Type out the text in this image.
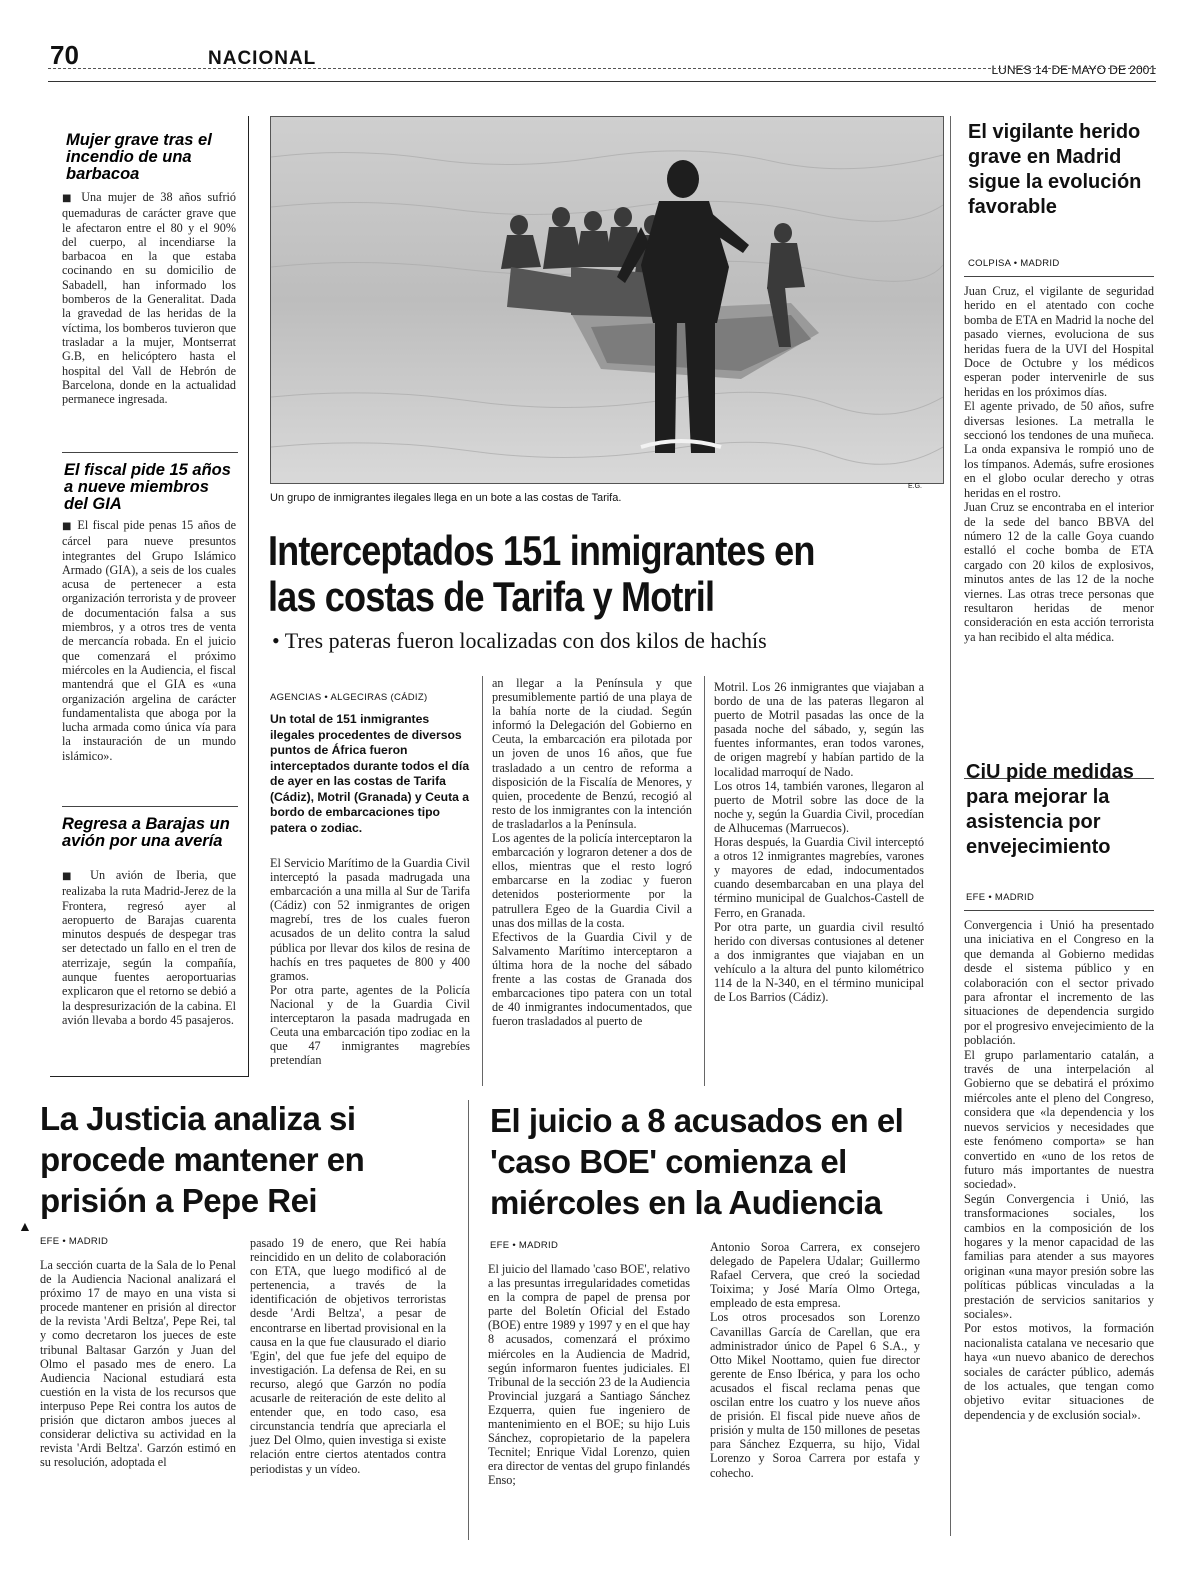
70	NACIONAL
LUNES 14 DE MAYO DE 2001
Mujer grave tras el incendio de una barbacoa
■ Una mujer de 38 años sufrió quemaduras de carácter grave que le afectaron entre el 80 y el 90% del cuerpo, al incendiarse la barbacoa en la que estaba cocinando en su domicilio de Sabadell, han informado los bomberos de la Generalitat. Dada la gravedad de las heridas de la víctima, los bomberos tuvieron que trasladar a la mujer, Montserrat G.B, en helicóptero hasta el hospital del Vall de Hebrón de Barcelona, donde en la actualidad permanece ingresada.
El fiscal pide 15 años a nueve miembros del GIA
■ El fiscal pide penas 15 años de cárcel para nueve presuntos integrantes del Grupo Islámico Armado (GIA), a seis de los cuales acusa de pertenecer a esta organización terrorista y de proveer de documentación falsa a sus miembros, y a otros tres de venta de mercancía robada. En el juicio que comenzará el próximo miércoles en la Audiencia, el fiscal mantendrá que el GIA es «una organización argelina de carácter fundamentalista que aboga por la lucha armada como única vía para la instauración de un mundo islámico».
Regresa a Barajas un avión por una avería
■ Un avión de Iberia, que realizaba la ruta Madrid-Jerez de la Frontera, regresó ayer al aeropuerto de Barajas cuarenta minutos después de despegar tras ser detectado un fallo en el tren de aterrizaje, según la compañía, aunque fuentes aeroportuarias explicaron que el retorno se debió a la despresurización de la cabina. El avión llevaba a bordo 45 pasajeros.
Un grupo de inmigrantes ilegales llega en un bote a las costas de Tarifa.
E.G.
Interceptados 151 inmigrantes en las costas de Tarifa y Motril
• Tres pateras fueron localizadas con dos kilos de hachís
AGENCIAS • ALGECIRAS (CÁDIZ)
Un total de 151 inmigrantes ilegales procedentes de diversos puntos de África fueron interceptados durante todos el día de ayer en las costas de Tarifa (Cádiz), Motril (Granada) y Ceuta a bordo de embarcaciones tipo patera o zodiac.
El Servicio Marítimo de la Guardia Civil interceptó la pasada madrugada una embarcación a una milla al Sur de Tarifa (Cádiz) con 52 inmigrantes de origen magrebí, tres de los cuales fueron acusados de un delito contra la salud pública por llevar dos kilos de resina de hachís en tres paquetes de 800 y 400 gramos.
Por otra parte, agentes de la Policía Nacional y de la Guardia Civil interceptaron la pasada madrugada en Ceuta una embarcación tipo zodiac en la que 47 inmigrantes magrebíes pretendían
an llegar a la Península y que presumiblemente partió de una playa de la bahía norte de la ciudad. Según informó la Delegación del Gobierno en Ceuta, la embarcación era pilotada por un joven de unos 16 años, que fue trasladado a un centro de reforma a disposición de la Fiscalía de Menores, y quien, procedente de Benzú, recogió al resto de los inmigrantes con la intención de trasladarlos a la Península.
Los agentes de la policía interceptaron la embarcación y lograron detener a dos de ellos, mientras que el resto logró embarcarse en la zodiac y fueron detenidos posteriormente por la patrullera Egeo de la Guardia Civil a unas dos millas de la costa.
Efectivos de la Guardia Civil y de Salvamento Marítimo interceptaron a última hora de la noche del sábado frente a las costas de Granada dos embarcaciones tipo patera con un total de 40 inmigrantes indocumentados, que fueron trasladados al puerto de
Motril. Los 26 inmigrantes que viajaban a bordo de una de las pateras llegaron al puerto de Motril pasadas las once de la pasada noche del sábado, y, según las fuentes informantes, eran todos varones, de origen magrebí y habían partido de la localidad marroquí de Nado.
Los otros 14, también varones, llegaron al puerto de Motril sobre las doce de la noche y, según la Guardia Civil, procedían de Alhucemas (Marruecos).
Horas después, la Guardia Civil interceptó a otros 12 inmigrantes magrebíes, varones y mayores de edad, indocumentados cuando desembarcaban en una playa del término municipal de Gualchos-Castell de Ferro, en Granada.
Por otra parte, un guardia civil resultó herido con diversas contusiones al detener a dos inmigrantes que viajaban en un vehículo a la altura del punto kilométrico 114 de la N-340, en el término municipal de Los Barrios (Cádiz).
La Justicia analiza si procede mantener en prisión a Pepe Rei
▲
EFE • MADRID
La sección cuarta de la Sala de lo Penal de la Audiencia Nacional analizará el próximo 17 de mayo en una vista si procede mantener en prisión al director de la revista 'Ardi Beltza', Pepe Rei, tal y como decretaron los jueces de este tribunal Baltasar Garzón y Juan del Olmo el pasado mes de enero. La Audiencia Nacional estudiará esta cuestión en la vista de los recursos que interpuso Pepe Rei contra los autos de prisión que dictaron ambos jueces al considerar delictiva su actividad en la revista 'Ardi Beltza'. Garzón estimó en su resolución, adoptada el
pasado 19 de enero, que Rei había reincidido en un delito de colaboración con ETA, que luego modificó al de pertenencia, a través de la identificación de objetivos terroristas desde 'Ardi Beltza', a pesar de encontrarse en libertad provisional en la causa en la que fue clausurado el diario 'Egin', del que fue jefe del equipo de investigación. La defensa de Rei, en su recurso, alegó que Garzón no podía acusarle de reiteración de este delito al entender que, en todo caso, esa circunstancia tendría que apreciarla el juez Del Olmo, quien investiga si existe relación entre ciertos atentados contra periodistas y un vídeo.
El juicio a 8 acusados en el 'caso BOE' comienza el miércoles en la Audiencia
EFE • MADRID
El juicio del llamado 'caso BOE', relativo a las presuntas irregularidades cometidas en la compra de papel de prensa por parte del Boletín Oficial del Estado (BOE) entre 1989 y 1997 y en el que hay 8 acusados, comenzará el próximo miércoles en la Audiencia de Madrid, según informaron fuentes judiciales. El Tribunal de la sección 23 de la Audiencia Provincial juzgará a Santiago Sánchez Ezquerra, quien fue ingeniero de mantenimiento en el BOE; su hijo Luis Sánchez, copropietario de la papelera Tecnitel; Enrique Vidal Lorenzo, quien era director de ventas del grupo finlandés Enso;
Antonio Soroa Carrera, ex consejero delegado de Papelera Udalar; Guillermo Rafael Cervera, que creó la sociedad Toixima; y José María Olmo Ortega, empleado de esta empresa.
Los otros procesados son Lorenzo Cavanillas García de Carellan, que era administrador único de Papel 6 S.A., y Otto Mikel Noottamo, quien fue director gerente de Enso Ibérica, y para los ocho acusados el fiscal reclama penas que oscilan entre los cuatro y los nueve años de prisión. El fiscal pide nueve años de prisión y multa de 150 millones de pesetas para Sánchez Ezquerra, su hijo, Vidal Lorenzo y Soroa Carrera por estafa y cohecho.
El vigilante herido grave en Madrid sigue la evolución favorable
COLPISA • MADRID
Juan Cruz, el vigilante de seguridad herido en el atentado con coche bomba de ETA en Madrid la noche del pasado viernes, evoluciona de sus heridas fuera de la UVI del Hospital Doce de Octubre y los médicos esperan poder intervenirle de sus heridas en los próximos días.
El agente privado, de 50 años, sufre diversas lesiones. La metralla le seccionó los tendones de una muñeca. La onda expansiva le rompió uno de los tímpanos. Además, sufre erosiones en el globo ocular derecho y otras heridas en el rostro.
Juan Cruz se encontraba en el interior de la sede del banco BBVA del número 12 de la calle Goya cuando estalló el coche bomba de ETA cargado con 20 kilos de explosivos, minutos antes de las 12 de la noche viernes. Las otras trece personas que resultaron heridas de menor consideración en esta acción terrorista ya han recibido el alta médica.
CiU pide medidas para mejorar la asistencia por envejecimiento
EFE • MADRID
Convergencia i Unió ha presentado una iniciativa en el Congreso en la que demanda al Gobierno medidas desde el sistema público y en colaboración con el sector privado para afrontar el incremento de las situaciones de dependencia surgido por el progresivo envejecimiento de la población.
El grupo parlamentario catalán, a través de una interpelación al Gobierno que se debatirá el próximo miércoles ante el pleno del Congreso, considera que «la dependencia y los nuevos servicios y necesidades que este fenómeno comporta» se han convertido en «uno de los retos de futuro más importantes de nuestra sociedad».
Según Convergencia i Unió, las transformaciones sociales, los cambios en la composición de los hogares y la menor capacidad de las familias para atender a sus mayores originan «una mayor presión sobre las políticas públicas vinculadas a la prestación de servicios sanitarios y sociales».
Por estos motivos, la formación nacionalista catalana ve necesario que haya «un nuevo abanico de derechos sociales de carácter público, además de los actuales, que tengan como objetivo evitar situaciones de dependencia y de exclusión social».
